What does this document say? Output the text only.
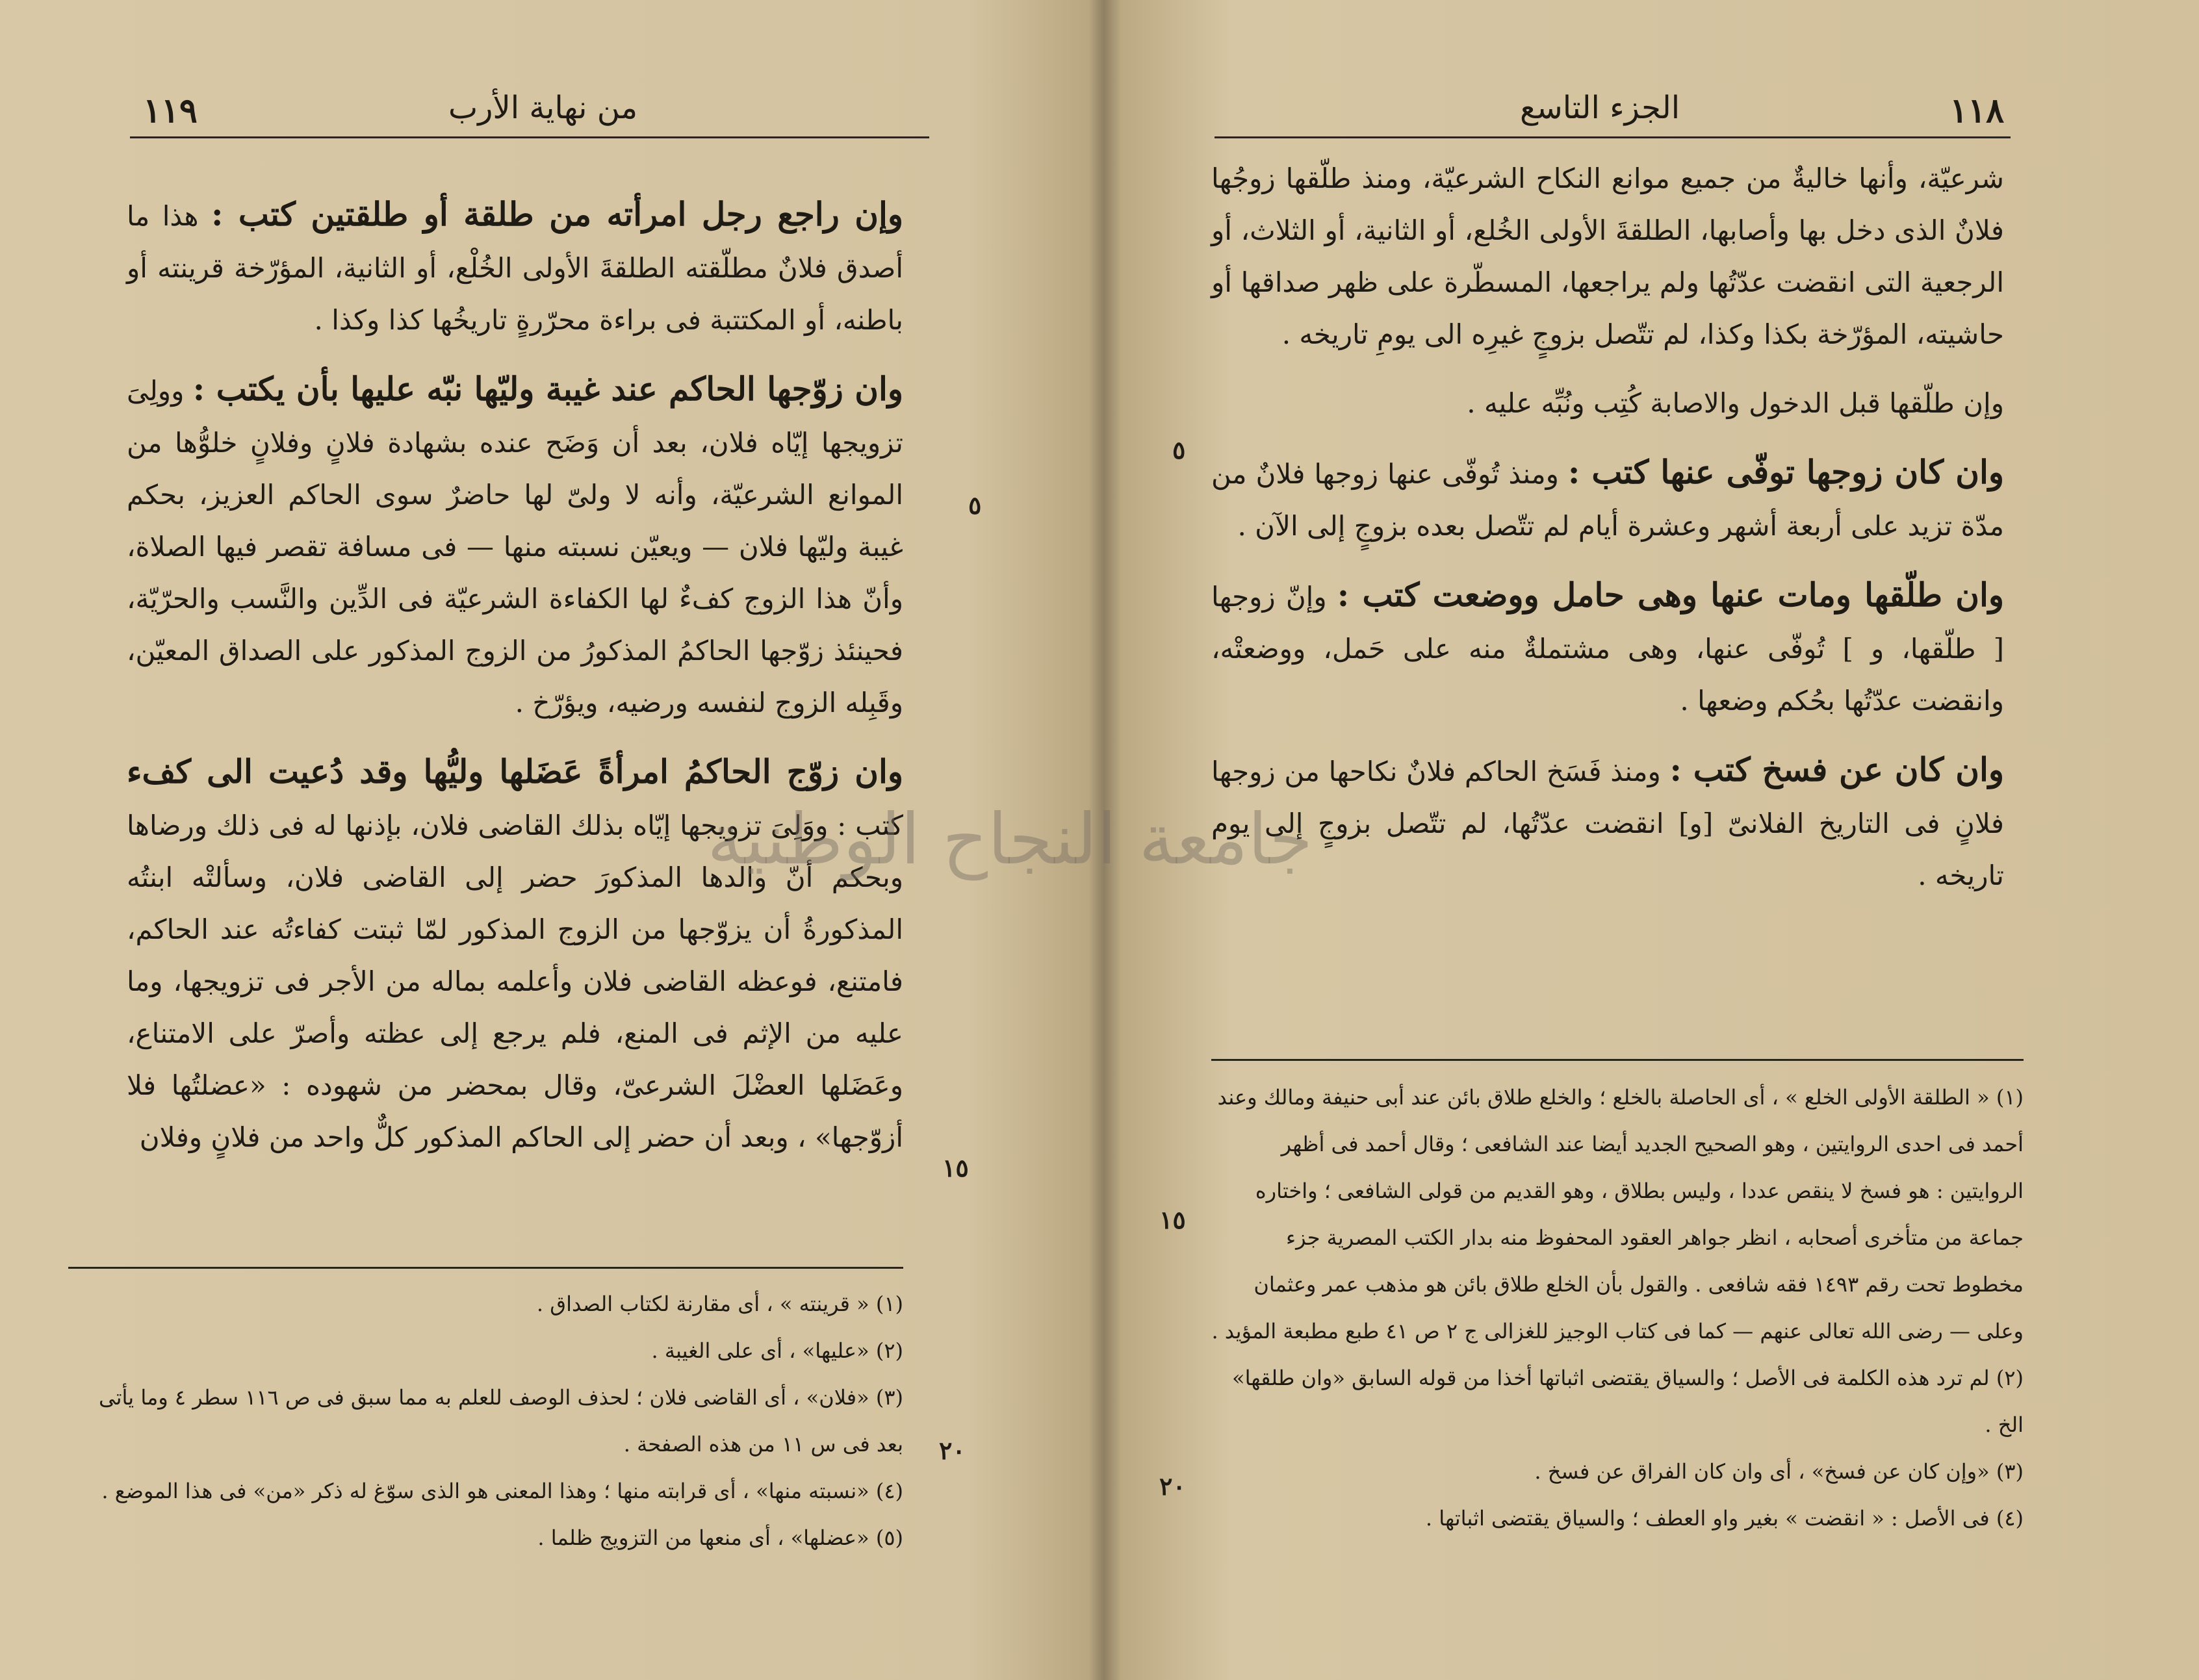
١١٩	من نهاية الأرب

وإن راجع رجل امرأته من طلقة أو طلقتين كتب : هذا ما أصدق فلانٌ مطلّقته الطلقةَ الأولى الخُلْع، أو الثانية، المؤرّخة قرينته أو باطنه، أو المكتتبة فى براءة محرّرةٍ تاريخُها كذا وكذا .

وان زوّجها الحاكم عند غيبة وليّها نبّه عليها بأن يكتب : وولِىَ تزويجها إيّاه فلان، بعد أن وَضَح عنده بشهادة فلانٍ وفلانٍ خلوُّها من الموانع الشرعيّة، وأنه لا ولىّ لها حاضرٌ سوى الحاكم العزيز، بحكم غيبة وليّها فلان — ويعيّن نسبته منها — فى مسافة تقصر فيها الصلاة، وأنّ هذا الزوج كفءٌ لها الكفاءة الشرعيّة فى الدِّين والنَّسب والحرّيّة، فحينئذ زوّجها الحاكمُ المذكورُ من الزوج المذكور على الصداق المعيّن، وقَبِله الزوج لنفسه ورضيه، ويؤرّخ .

وان زوّج الحاكمُ امرأةً عَضَلها وليُّها وقد دُعيت الى كفء كتب : ووَلِىَ تزويجها إيّاه بذلك القاضى فلان، بإذنها له فى ذلك ورضاها وبحكم أنّ والدها المذكورَ حضر إلى القاضى فلان، وسألتْه ابنتُه المذكورةُ أن يزوّجها من الزوج المذكور لمّا ثبتت كفاءتُه عند الحاكم، فامتنع، فوعظه القاضى فلان وأعلمه بماله من الأجر فى تزويجها، وما عليه من الإثم فى المنع، فلم يرجع إلى عظته وأصرّ على الامتناع، وعَضَلها العضْلَ الشرعىّ، وقال بمحضر من شهوده : «عضلتُها فلا أزوّجها» ، وبعد أن حضر إلى الحاكم المذكور كلٌّ واحد من فلانٍ وفلان

٥
١٥
٢٠

(١) « قرينته » ، أى مقارنة لكتاب الصداق .

(٢) «عليها» ، أى على الغيبة .

(٣) «فلان» ، أى القاضى فلان ؛ لحذف الوصف للعلم به مما سبق فى ص ١١٦ سطر ٤ وما يأتى بعد فى س ١١ من هذه الصفحة .

(٤) «نسبته منها» ، أى قرابته منها ؛ وهذا المعنى هو الذى سوّغ له ذكر «من» فى هذا الموضع .

(٥) «عضلها» ، أى منعها من التزويج ظلما .

١١٨
الجزء التاسع

شرعيّة، وأنها خاليةٌ من جميع موانع النكاح الشرعيّة، ومنذ طلّقها زوجُها فلانٌ الذى دخل بها وأصابها، الطلقةَ الأولى الخُلع، أو الثانية، أو الثلاث، أو الرجعية التى انقضت عدّتُها ولم يراجعها، المسطّرة على ظهر صداقها أو حاشيته، المؤرّخة بكذا وكذا، لم تتّصل بزوجٍ غيرِه الى يومِ تاريخه .

وإن طلّقها قبل الدخول والاصابة كُتِب ونُبِّه عليه .

وان كان زوجها توفّى عنها كتب : ومنذ تُوفّى عنها زوجها فلانٌ من مدّة تزيد على أربعة أشهر وعشرة أيام لم تتّصل بعده بزوجٍ إلى الآن .

وان طلّقها ومات عنها وهى حامل ووضعت كتب : وإنّ زوجها [ طلّقها، و ] تُوفّى عنها، وهى مشتملةٌ منه على حَمل، ووضعتْه، وانقضت عدّتُها بحُكم وضعها .

وان كان عن فسخ كتب : ومنذ فَسَخ الحاكم فلانٌ نكاحها من زوجها فلانٍ فى التاريخ الفلانىّ [و] انقضت عدّتُها، لم تتّصل بزوجٍ إلى يوم تاريخه .

٥
١٥
٢٠

(١) « الطلقة الأولى الخلع » ، أى الحاصلة بالخلع ؛ والخلع طلاق بائن عند أبى حنيفة ومالك وعند أحمد فى احدى الروايتين ، وهو الصحيح الجديد أيضا عند الشافعى ؛ وقال أحمد فى أظهر الروايتين : هو فسخ لا ينقص عددا ، وليس بطلاق ، وهو القديم من قولى الشافعى ؛ واختاره جماعة من متأخرى أصحابه ، انظر جواهر العقود المحفوظ منه بدار الكتب المصرية جزء مخطوط تحت رقم ١٤٩٣ فقه شافعى . والقول بأن الخلع طلاق بائن هو مذهب عمر وعثمان وعلى — رضى الله تعالى عنهم — كما فى كتاب الوجيز للغزالى ج ٢ ص ٤١ طبع مطبعة المؤيد .

(٢) لم ترد هذه الكلمة فى الأصل ؛ والسياق يقتضى اثباتها أخذا من قوله السابق «وان طلقها» الخ .

(٣) «وإن كان عن فسخ» ، أى وان كان الفراق عن فسخ .

(٤) فى الأصل : « انقضت » بغير واو العطف ؛ والسياق يقتضى اثباتها .

جامعة النجاح الوطنية
